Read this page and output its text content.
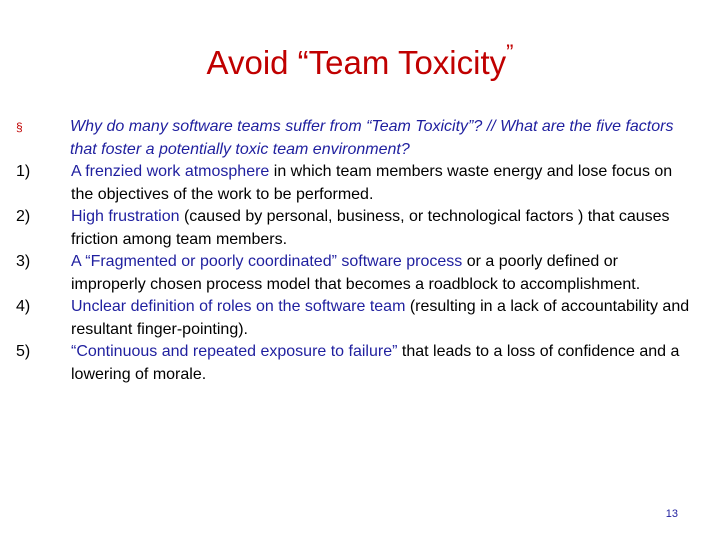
Avoid “Team Toxicity”
§	Why do many software teams suffer from “Team Toxicity”? // What are the five factors that foster a potentially toxic team environment?
1)	A frenzied work atmosphere in which team members waste energy and lose focus on the objectives of the work to be performed.
2)	High frustration (caused by personal, business, or technological factors ) that causes friction among team members.
3)	A “Fragmented or poorly coordinated” software process or a poorly defined or improperly chosen process model that becomes a roadblock to accomplishment.
4)	Unclear definition of roles on the software team (resulting in a lack of accountability and resultant finger-pointing).
5)	“Continuous and repeated exposure to failure” that leads to a loss of confidence and a lowering of morale.
13
